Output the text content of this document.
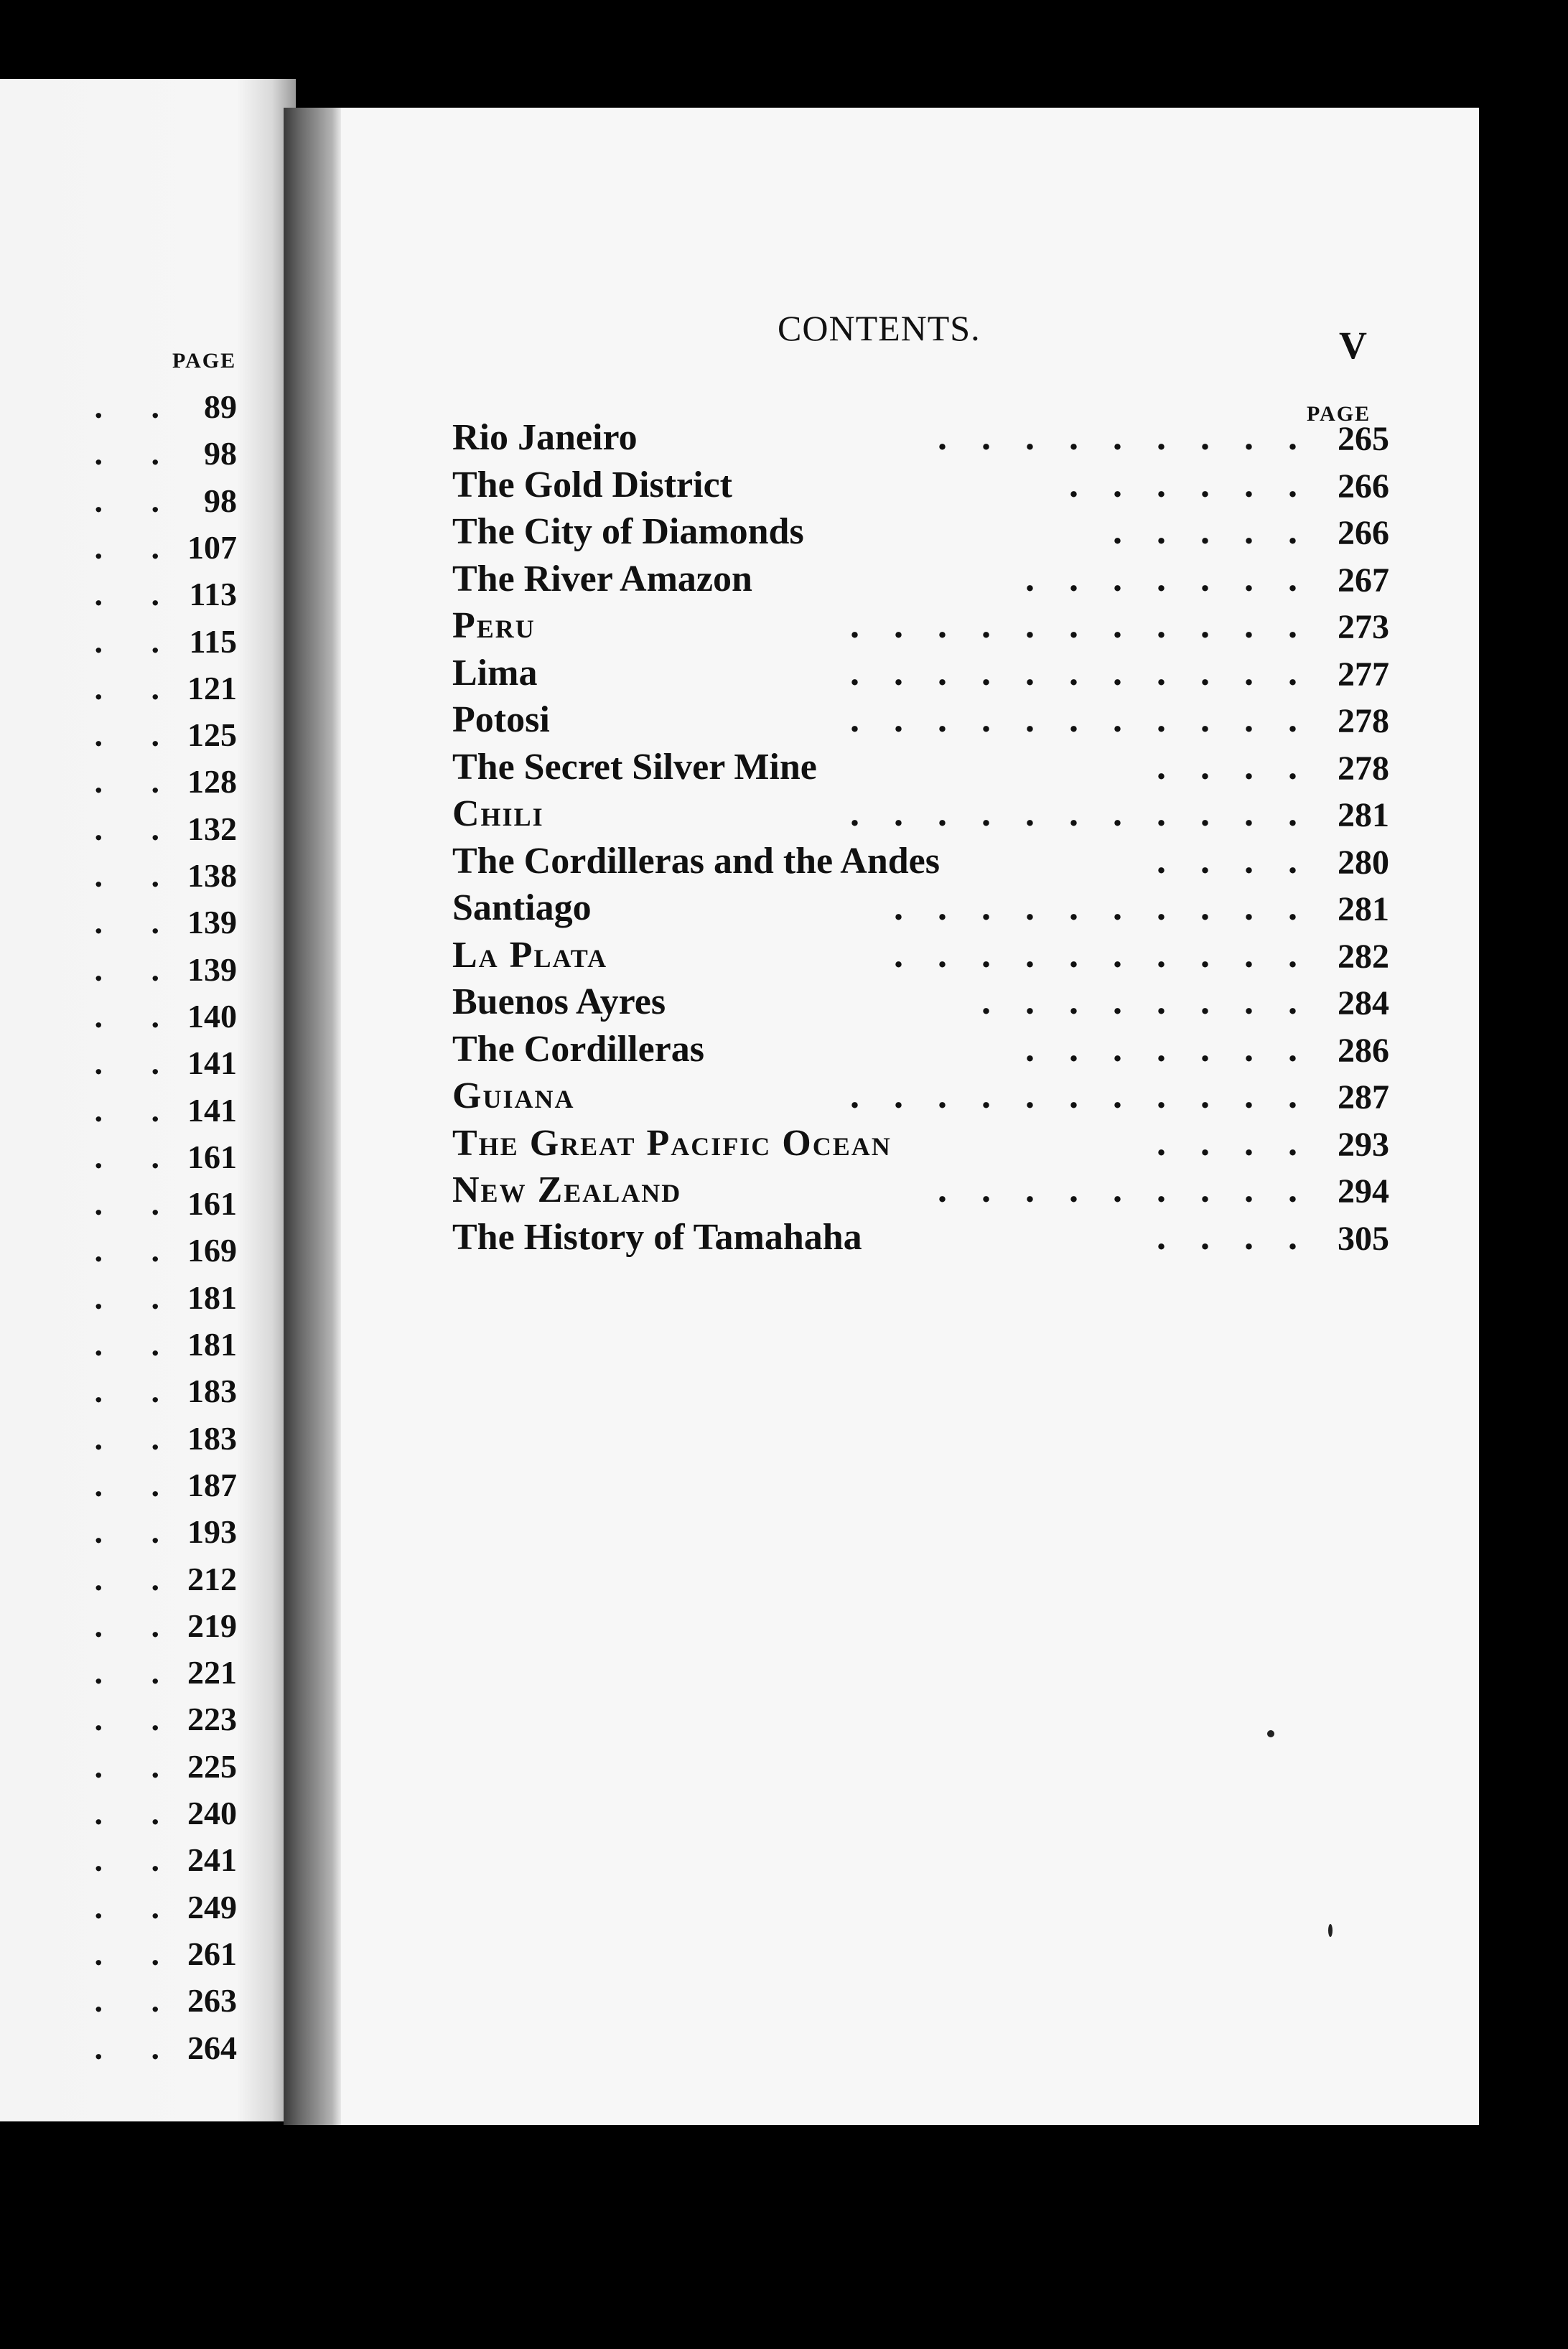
PAGE
. . 89
. . 98
. . 98
. . 107
. . 113
. . 115
. . 121
. . 125
. . 128
. . 132
. . 138
. . 139
. . 139
. . 140
. . 141
. . 141
. . 161
. . 161
. . 169
. . 181
. . 181
. . 183
. . 183
. . 187
. . 193
. . 212
. . 219
. . 221
. . 223
. . 225
. . 240
. . 241
. . 249
. . 261
. . 263
. . 264
CONTENTS.	V
PAGE
Rio Janeiro	......... 265
The Gold District	...... 266
The City of Diamonds	..... 266
The River Amazon	....... 267
Peru	........... 273
Lima	........... 277
Potosi	........... 278
The Secret Silver Mine	.... 278
Chili	........... 281
The Cordilleras and the Andes	.... 280
Santiago	.......... 281
La Plata	.......... 282
Buenos Ayres	........ 284
The Cordilleras	....... 286
Guiana	........... 287
The Great Pacific Ocean	.... 293
New Zealand	......... 294
The History of Tamahaha	.... 305
